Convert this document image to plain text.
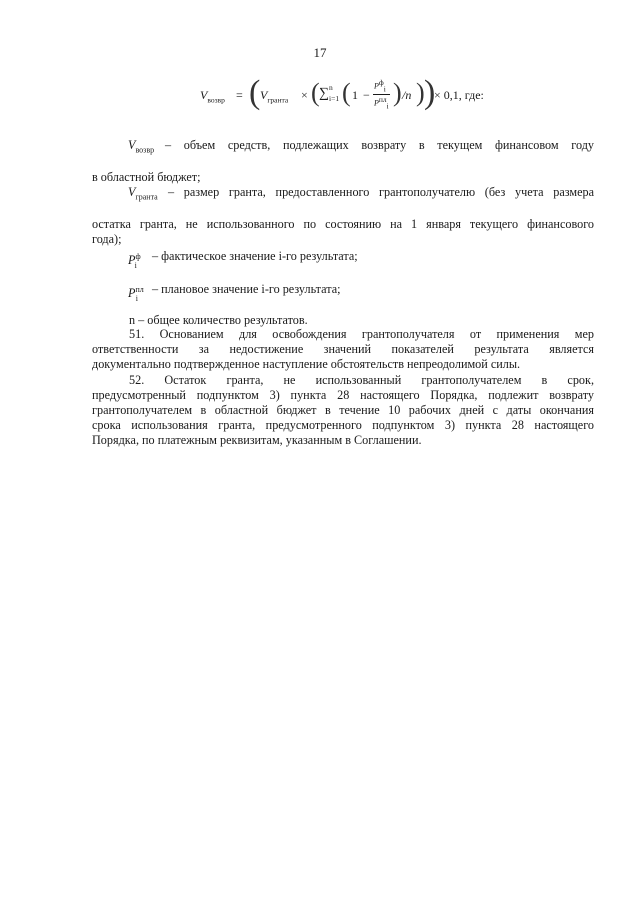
17
$V_{возвр}$ = ( $V_{гранта}$ × ( ∑ n
i=1 ( 1 −
$P^ф_i$
$P^{пл}_i$ ) /n ) )
× 0,1, где:
$V_{возвр}$ – объем средств, подлежащих возврату в текущем финансовом году
в областной бюджет;
$V_{гранта}$ – размер гранта, предоставленного грантополучателю (без учета размера
остатка гранта, не использованного по состоянию на 1 января текущего финансового
года);
$P^ф_i$
– фактическое значение i-го результата;
$P^{пл}_i$
– плановое значение i-го результата;
n – общее количество результатов.
51. Основанием для освобождения грантополучателя от применения мер
ответственности за недостижение значений показателей результата является
документально подтвержденное наступление обстоятельств непреодолимой силы.
52. Остаток гранта, не использованный грантополучателем в срок,
предусмотренный подпунктом 3) пункта 28 настоящего Порядка, подлежит возврату
грантополучателем в областной бюджет в течение 10 рабочих дней с даты окончания
срока использования гранта, предусмотренного подпунктом 3) пункта 28 настоящего
Порядка, по платежным реквизитам, указанным в Соглашении.
